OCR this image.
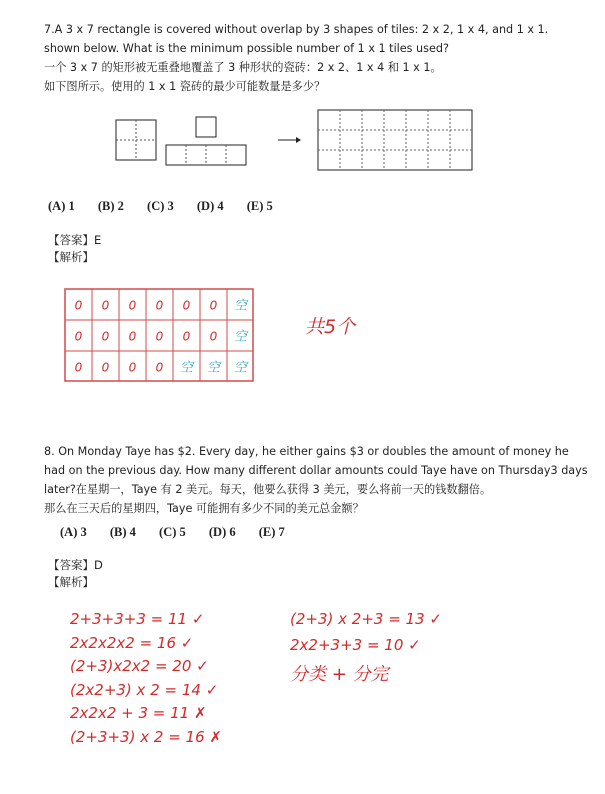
7.A 3 x 7 rectangle is covered without overlap by 3 shapes of tiles: 2 x 2, 1 x 4, and 1 x 1.
shown below. What is the minimum possible number of 1 x 1 tiles used?
一个 3 x 7 的矩形被无重叠地覆盖了 3 种形状的瓷砖：2 x 2、1 x 4 和 1 x 1。
如下图所示。使用的 1 x 1 瓷砖的最少可能数量是多少？
(A) 1 (B) 2 (C) 3 (D) 4 (E) 5
【答案】E
【解析】
0 0 0 0 0 0 空
0 0 0 0 0 0 空
0 0 0 0 空 空 空
共5个
8. On Monday Taye has $2. Every day, he either gains $3 or doubles the amount of money he
had on the previous day. How many different dollar amounts could Taye have on Thursday3 days
later?在星期一，Taye 有 2 美元。每天，他要么获得 3 美元，要么将前一天的钱数翻倍。
那么在三天后的星期四，Taye 可能拥有多少不同的美元总金额？
(A) 3 (B) 4 (C) 5 (D) 6 (E) 7
【答案】D
【解析】
2+3+3+3 = 11 ✓
2x2x2x2 = 16 ✓
(2+3)x2x2 = 20 ✓
(2x2+3) x 2 = 14 ✓
2x2x2 + 3 = 11 ✗
(2+3+3) x 2 = 16 ✗
(2+3) x 2+3 = 13 ✓
2x2+3+3 = 10 ✓
分类 + 分完
